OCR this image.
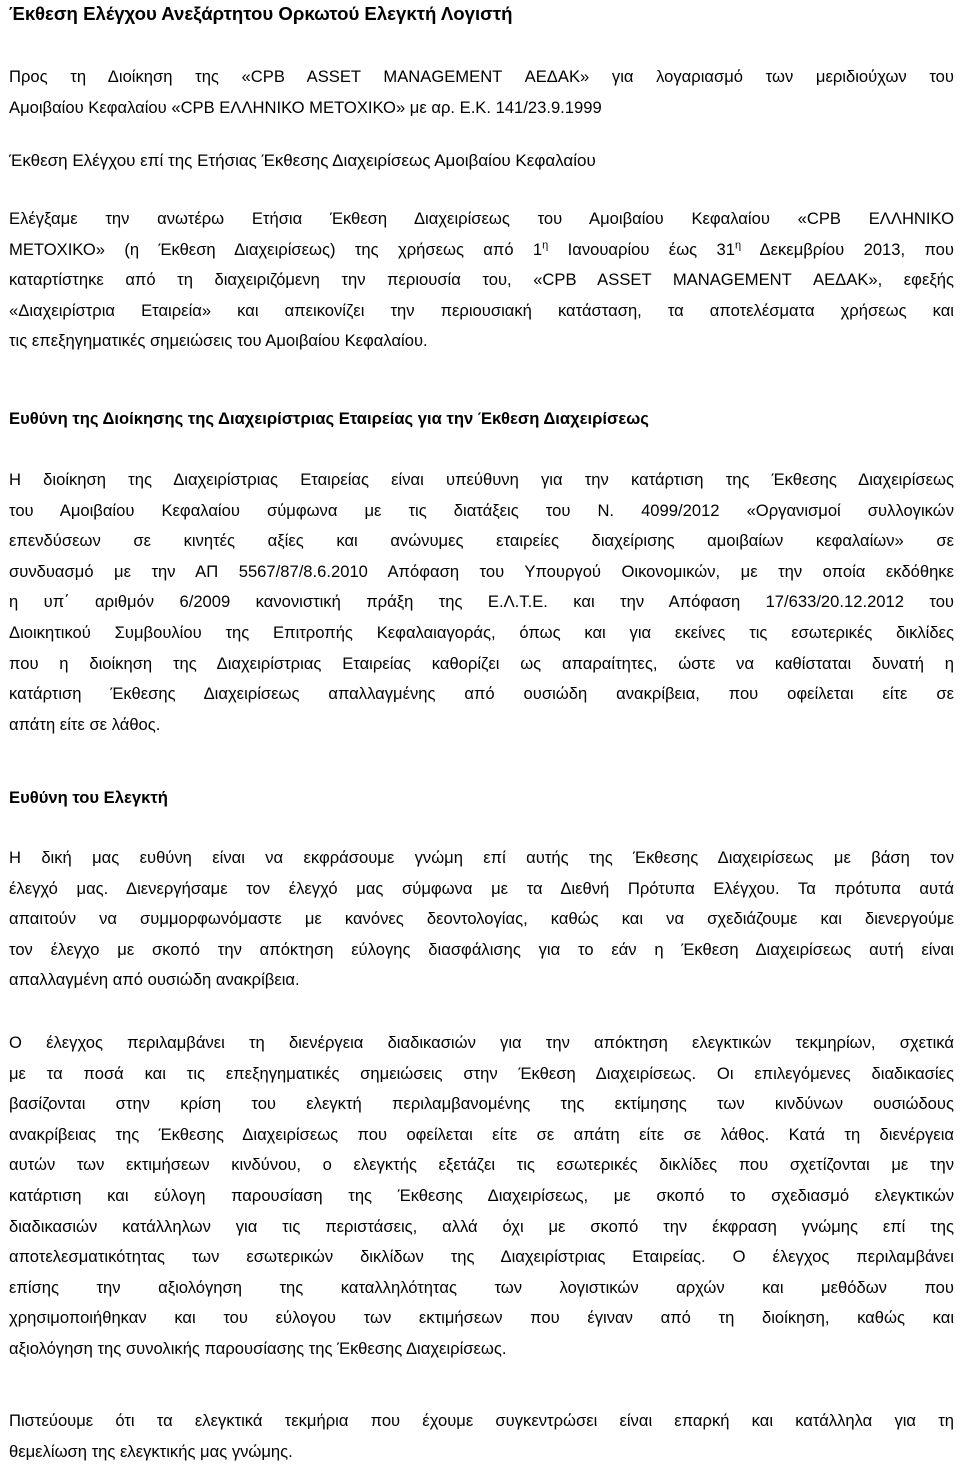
Έκθεση Ελέγχου Ανεξάρτητου Ορκωτού Ελεγκτή Λογιστή
Προς τη Διοίκηση της «CPB ASSET MANAGEMENT ΑΕΔΑΚ» για λογαριασμό των μεριδιούχων του
Αμοιβαίου Κεφαλαίου «CPB ΕΛΛΗΝΙΚΟ ΜΕΤΟΧΙΚΟ» με αρ. Ε.Κ. 141/23.9.1999

Έκθεση Ελέγχου επί της Ετήσιας Έκθεσης Διαχειρίσεως Αμοιβαίου Κεφαλαίου

Ελέγξαμε την ανωτέρω Ετήσια Έκθεση Διαχειρίσεως του Αμοιβαίου Κεφαλαίου «CPB ΕΛΛΗΝΙΚΟ
ΜΕΤΟΧΙΚΟ» (η Έκθεση Διαχειρίσεως) της χρήσεως από $1^\eta$ Ιανουαρίου έως $31^\eta$ Δεκεμβρίου 2013, που
καταρτίστηκε από τη διαχειριζόμενη την περιουσία του, «CPB ASSET MANAGEMENT ΑΕΔΑΚ», εφεξής
«Διαχειρίστρια Εταιρεία» και απεικονίζει την περιουσιακή κατάσταση, τα αποτελέσματα χρήσεως και
τις επεξηγηματικές σημειώσεις του Αμοιβαίου Κεφαλαίου.
Ευθύνη της Διοίκησης της Διαχειρίστριας Εταιρείας για την Έκθεση Διαχειρίσεως
Η διοίκηση της Διαχειρίστριας Εταιρείας είναι υπεύθυνη για την κατάρτιση της Έκθεσης Διαχειρίσεως
του Αμοιβαίου Κεφαλαίου σύμφωνα με τις διατάξεις του Ν. 4099/2012 «Οργανισμοί συλλογικών
επενδύσεων σε κινητές αξίες και ανώνυμες εταιρείες διαχείρισης αμοιβαίων κεφαλαίων» σε
συνδυασμό με την ΑΠ 5567/87/8.6.2010 Απόφαση του Υπουργού Οικονομικών, με την οποία εκδόθηκε
η υπ΄ αριθμόν 6/2009 κανονιστική πράξη της Ε.Λ.Τ.Ε. και την Απόφαση 17/633/20.12.2012 του
Διοικητικού Συμβουλίου της Επιτροπής Κεφαλαιαγοράς, όπως και για εκείνες τις εσωτερικές δικλίδες
που η διοίκηση της Διαχειρίστριας Εταιρείας καθορίζει ως απαραίτητες, ώστε να καθίσταται δυνατή η
κατάρτιση Έκθεσης Διαχειρίσεως απαλλαγμένης από ουσιώδη ανακρίβεια, που οφείλεται είτε σε
απάτη είτε σε λάθος.
Ευθύνη του Ελεγκτή
Η δική μας ευθύνη είναι να εκφράσουμε γνώμη επί αυτής της Έκθεσης Διαχειρίσεως με βάση τον
έλεγχό μας. Διενεργήσαμε τον έλεγχό μας σύμφωνα με τα Διεθνή Πρότυπα Ελέγχου. Τα πρότυπα αυτά
απαιτούν να συμμορφωνόμαστε με κανόνες δεοντολογίας, καθώς και να σχεδιάζουμε και διενεργούμε
τον έλεγχο με σκοπό την απόκτηση εύλογης διασφάλισης για το εάν η Έκθεση Διαχειρίσεως αυτή είναι
απαλλαγμένη από ουσιώδη ανακρίβεια.
Ο έλεγχος περιλαμβάνει τη διενέργεια διαδικασιών για την απόκτηση ελεγκτικών τεκμηρίων, σχετικά
με τα ποσά και τις επεξηγηματικές σημειώσεις στην Έκθεση Διαχειρίσεως. Οι επιλεγόμενες διαδικασίες
βασίζονται στην κρίση του ελεγκτή περιλαμβανομένης της εκτίμησης των κινδύνων ουσιώδους
ανακρίβειας της Έκθεσης Διαχειρίσεως που οφείλεται είτε σε απάτη είτε σε λάθος. Κατά τη διενέργεια
αυτών των εκτιμήσεων κινδύνου, ο ελεγκτής εξετάζει τις εσωτερικές δικλίδες που σχετίζονται με την
κατάρτιση και εύλογη παρουσίαση της Έκθεσης Διαχειρίσεως, με σκοπό το σχεδιασμό ελεγκτικών
διαδικασιών κατάλληλων για τις περιστάσεις, αλλά όχι με σκοπό την έκφραση γνώμης επί της
αποτελεσματικότητας των εσωτερικών δικλίδων της Διαχειρίστριας Εταιρείας. Ο έλεγχος περιλαμβάνει
επίσης την αξιολόγηση της καταλληλότητας των λογιστικών αρχών και μεθόδων που
χρησιμοποιήθηκαν και του εύλογου των εκτιμήσεων που έγιναν από τη διοίκηση, καθώς και
αξιολόγηση της συνολικής παρουσίασης της Έκθεσης Διαχειρίσεως.
Πιστεύουμε ότι τα ελεγκτικά τεκμήρια που έχουμε συγκεντρώσει είναι επαρκή και κατάλληλα για τη
θεμελίωση της ελεγκτικής μας γνώμης.
